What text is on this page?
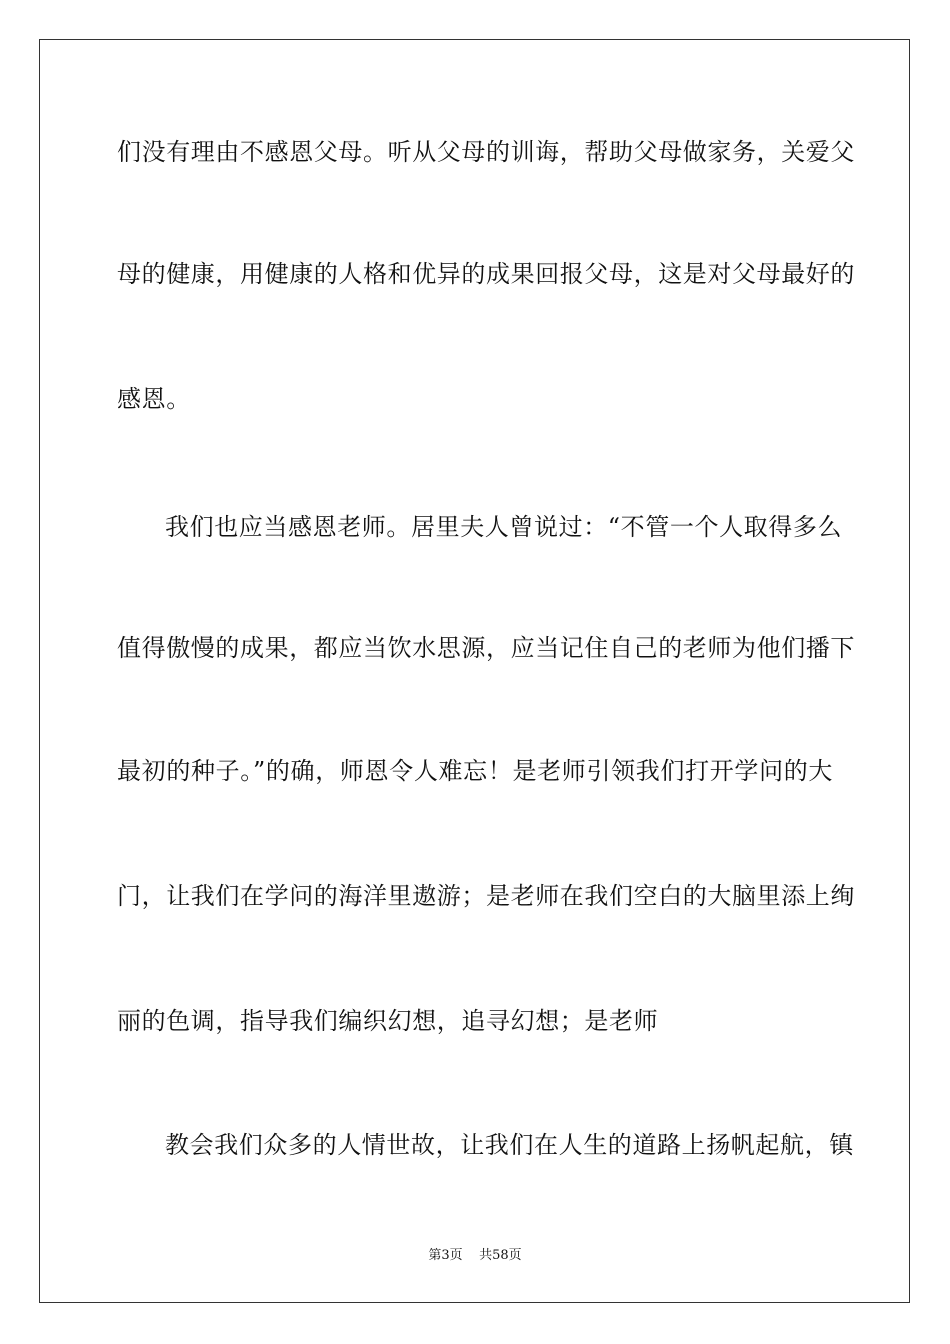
们没有理由不感恩父母。听从父母的训诲，帮助父母做家务，关爱父
母的健康，用健康的人格和优异的成果回报父母，这是对父母最好的
感恩。
我们也应当感恩老师。居里夫人曾说过：“不管一个人取得多么
值得傲慢的成果，都应当饮水思源，应当记住自己的老师为他们播下
最初的种子。”的确，师恩令人难忘！是老师引领我们打开学问的大
门，让我们在学问的海洋里遨游；是老师在我们空白的大脑里添上绚
丽的色调，指导我们编织幻想，追寻幻想；是老师
教会我们众多的人情世故，让我们在人生的道路上扬帆起航，镇
第3页 共58页
